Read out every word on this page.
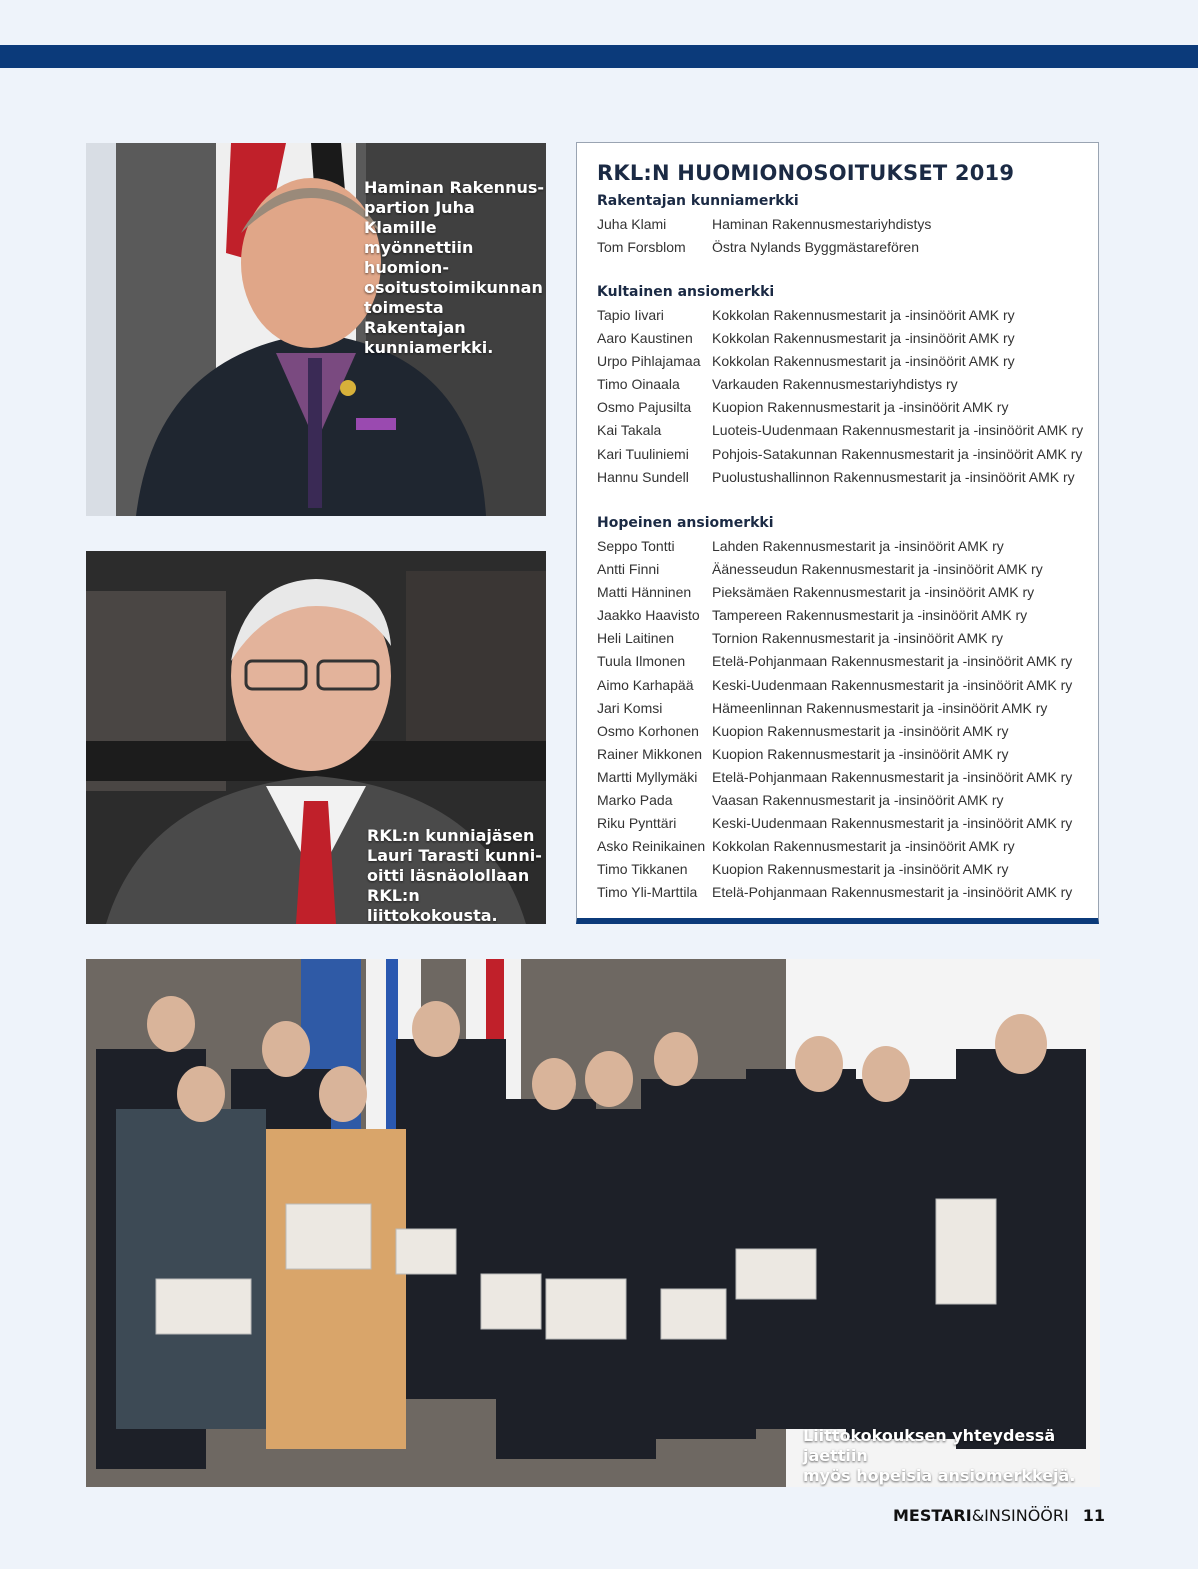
Haminan Rakennus-
partion Juha Klamille
myönnettiin huomion-
osoitustoimikunnan
toimesta Rakentajan
kunniamerkki.
RKL:n kunniajäsen
Lauri Tarasti kunni-
oitti läsnäolollaan
RKL:n liittokokousta.
RKL:N HUOMIONOSOITUKSET 2019
Rakentajan kunniamerkki
Juha Klami	Haminan Rakennusmestariyhdistys
Tom Forsblom	Östra Nylands Byggmästarefören
Kultainen ansiomerkki
Tapio Iivari	Kokkolan Rakennusmestarit ja -insinöörit AMK ry
Aaro Kaustinen	Kokkolan Rakennusmestarit ja -insinöörit AMK ry
Urpo Pihlajamaa Kokkolan Rakennusmestarit ja -insinöörit AMK ry
Timo Oinaala	Varkauden Rakennusmestariyhdistys ry
Osmo Pajusilta	Kuopion Rakennusmestarit ja -insinöörit AMK ry
Kai Takala	Luoteis-Uudenmaan Rakennusmestarit ja -insinöörit AMK ry
Kari Tuuliniemi	Pohjois-Satakunnan Rakennusmestarit ja -insinöörit AMK ry
Hannu Sundell	Puolustushallinnon Rakennusmestarit ja -insinöörit AMK ry
Hopeinen ansiomerkki
Seppo Tontti	Lahden Rakennusmestarit ja -insinöörit AMK ry
Antti Finni	Äänesseudun Rakennusmestarit ja -insinöörit AMK ry
Matti Hänninen	Pieksämäen Rakennusmestarit ja -insinöörit AMK ry
Jaakko Haavisto Tampereen Rakennusmestarit ja -insinöörit AMK ry
Heli Laitinen	Tornion Rakennusmestarit ja -insinöörit AMK ry
Tuula Ilmonen	Etelä-Pohjanmaan Rakennusmestarit ja -insinöörit AMK ry
Aimo Karhapää	Keski-Uudenmaan Rakennusmestarit ja -insinöörit AMK ry
Jari Komsi	Hämeenlinnan Rakennusmestarit ja -insinöörit AMK ry
Osmo Korhonen Kuopion Rakennusmestarit ja -insinöörit AMK ry
Rainer Mikkonen Kuopion Rakennusmestarit ja -insinöörit AMK ry
Martti Myllymäki	Etelä-Pohjanmaan Rakennusmestarit ja -insinöörit AMK ry
Marko Pada	Vaasan Rakennusmestarit ja -insinöörit AMK ry
Riku Pynttäri	Keski-Uudenmaan Rakennusmestarit ja -insinöörit AMK ry
Asko Reinikainen Kokkolan Rakennusmestarit ja -insinöörit AMK ry
Timo Tikkanen	Kuopion Rakennusmestarit ja -insinöörit AMK ry
Timo Yli-Marttila	Etelä-Pohjanmaan Rakennusmestarit ja -insinöörit AMK ry
Liittokokouksen yhteydessä jaettiin
myös hopeisia ansiomerkkejä.
MESTARI&INSINÖÖRI 11
